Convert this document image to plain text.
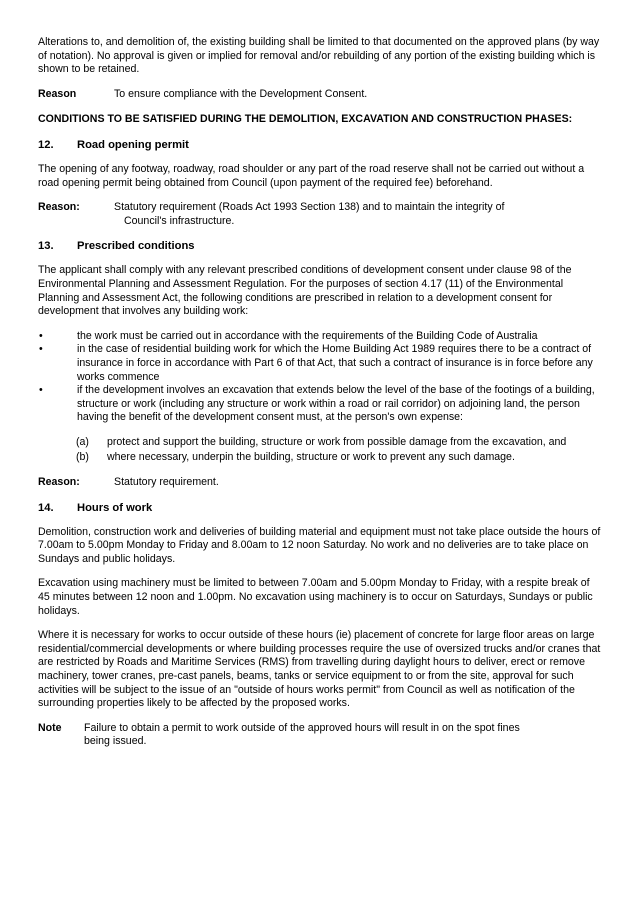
Alterations to, and demolition of, the existing building shall be limited to that documented on the approved plans (by way of notation). No approval is given or implied for removal and/or rebuilding of any portion of the existing building which is shown to be retained.

Reason	To ensure compliance with the Development Consent.
CONDITIONS TO BE SATISFIED DURING THE DEMOLITION, EXCAVATION AND CONSTRUCTION PHASES:
12.	Road opening permit

The opening of any footway, roadway, road shoulder or any part of the road reserve shall not be carried out without a road opening permit being obtained from Council (upon payment of the required fee) beforehand.

Reason:	Statutory requirement (Roads Act 1993 Section 138) and to maintain the integrity of
Council's infrastructure.
13.	Prescribed conditions

The applicant shall comply with any relevant prescribed conditions of development consent under clause 98 of the Environmental Planning and Assessment Regulation. For the purposes of section 4.17 (11) of the Environmental Planning and Assessment Act, the following conditions are prescribed in relation to a development consent for development that involves any building work:

•	the work must be carried out in accordance with the requirements of the Building Code of Australia
•	in the case of residential building work for which the Home Building Act 1989 requires there to be a contract of insurance in force in accordance with Part 6 of that Act, that such a contract of insurance is in force before any works commence
•	if the development involves an excavation that extends below the level of the base of the footings of a building, structure or work (including any structure or work within a road or rail corridor) on adjoining land, the person having the benefit of the development consent must, at the person's own expense:
(a)	protect and support the building, structure or work from possible damage from the excavation, and
(b)	where necessary, underpin the building, structure or work to prevent any such damage.
Reason:	Statutory requirement.
14.	Hours of work

Demolition, construction work and deliveries of building material and equipment must not take place outside the hours of 7.00am to 5.00pm Monday to Friday and 8.00am to 12 noon Saturday. No work and no deliveries are to take place on Sundays and public holidays.

Excavation using machinery must be limited to between 7.00am and 5.00pm Monday to Friday, with a respite break of 45 minutes between 12 noon and 1.00pm. No excavation using machinery is to occur on Saturdays, Sundays or public holidays.

Where it is necessary for works to occur outside of these hours (ie) placement of concrete for large floor areas on large residential/commercial developments or where building processes require the use of oversized trucks and/or cranes that are restricted by Roads and Maritime Services (RMS) from travelling during daylight hours to deliver, erect or remove machinery, tower cranes, pre-cast panels, beams, tanks or service equipment to or from the site, approval for such activities will be subject to the issue of an "outside of hours works permit" from Council as well as notification of the surrounding properties likely to be affected by the proposed works.

Note	Failure to obtain a permit to work outside of the approved hours will result in on the spot fines
being issued.
